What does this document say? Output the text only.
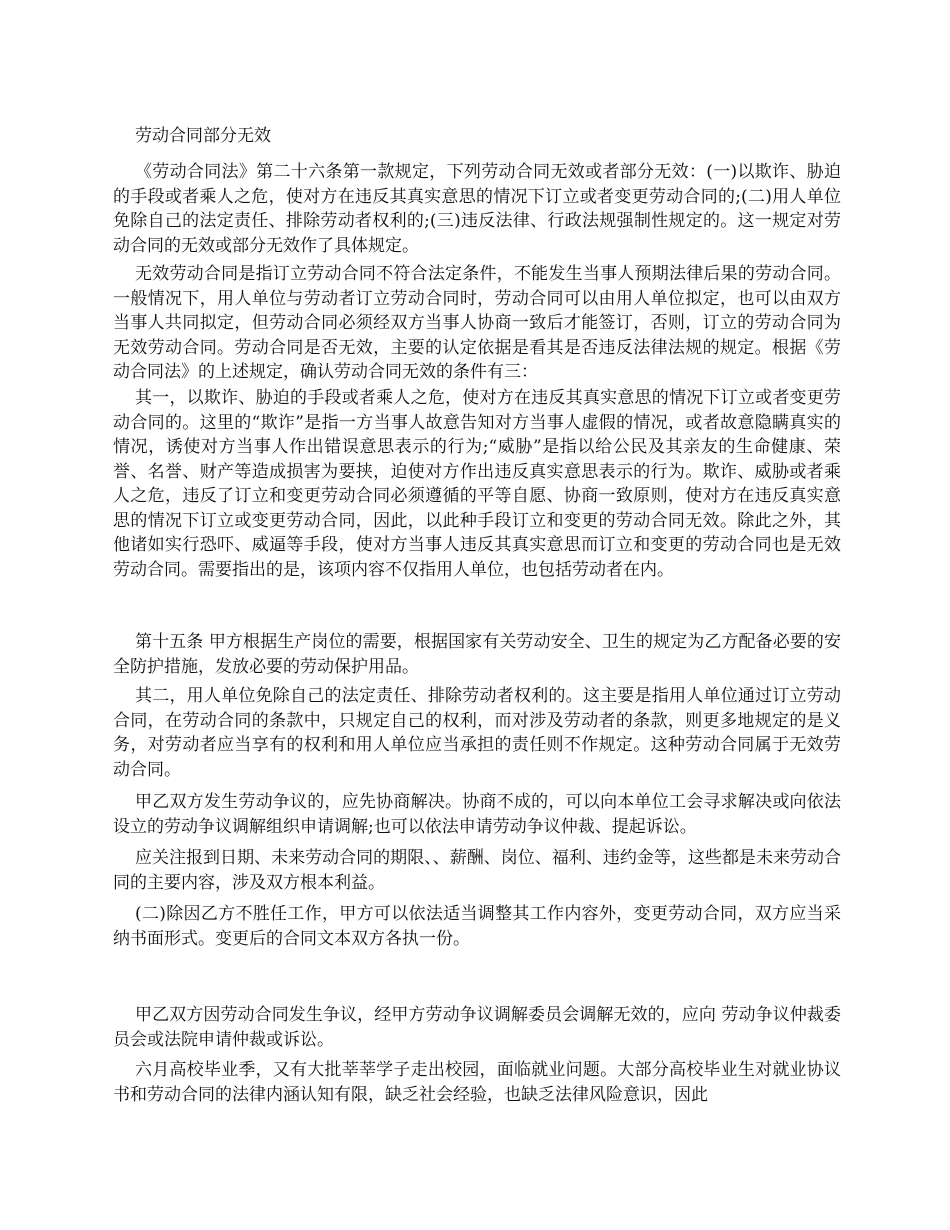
劳动合同部分无效

《劳动合同法》第二十六条第一款规定，下列劳动合同无效或者部分无效：(一)以欺诈、胁迫的手段或者乘人之危，使对方在违反其真实意思的情况下订立或者变更劳动合同的;(二)用人单位免除自己的法定责任、排除劳动者权利的;(三)违反法律、行政法规强制性规定的。这一规定对劳动合同的无效或部分无效作了具体规定。

无效劳动合同是指订立劳动合同不符合法定条件，不能发生当事人预期法律后果的劳动合同。一般情况下，用人单位与劳动者订立劳动合同时，劳动合同可以由用人单位拟定，也可以由双方当事人共同拟定，但劳动合同必须经双方当事人协商一致后才能签订，否则，订立的劳动合同为无效劳动合同。劳动合同是否无效，主要的认定依据是看其是否违反法律法规的规定。根据《劳动合同法》的上述规定，确认劳动合同无效的条件有三：

其一，以欺诈、胁迫的手段或者乘人之危，使对方在违反其真实意思的情况下订立或者变更劳动合同的。这里的“欺诈”是指一方当事人故意告知对方当事人虚假的情况，或者故意隐瞒真实的情况，诱使对方当事人作出错误意思表示的行为;“威胁”是指以给公民及其亲友的生命健康、荣誉、名誉、财产等造成损害为要挟，迫使对方作出违反真实意思表示的行为。欺诈、威胁或者乘人之危，违反了订立和变更劳动合同必须遵循的平等自愿、协商一致原则，使对方在违反真实意思的情况下订立或变更劳动合同，因此，以此种手段订立和变更的劳动合同无效。除此之外，其他诸如实行恐吓、威逼等手段，使对方当事人违反其真实意思而订立和变更的劳动合同也是无效劳动合同。需要指出的是，该项内容不仅指用人单位，也包括劳动者在内。

第十五条 甲方根据生产岗位的需要，根据国家有关劳动安全、卫生的规定为乙方配备必要的安全防护措施，发放必要的劳动保护用品。

其二，用人单位免除自己的法定责任、排除劳动者权利的。这主要是指用人单位通过订立劳动合同，在劳动合同的条款中，只规定自己的权利，而对涉及劳动者的条款，则更多地规定的是义务，对劳动者应当享有的权利和用人单位应当承担的责任则不作规定。这种劳动合同属于无效劳动合同。

甲乙双方发生劳动争议的，应先协商解决。协商不成的，可以向本单位工会寻求解决或向依法设立的劳动争议调解组织申请调解;也可以依法申请劳动争议仲裁、提起诉讼。

应关注报到日期、未来劳动合同的期限、、薪酬、岗位、福利、违约金等，这些都是未来劳动合同的主要内容，涉及双方根本利益。

(二)除因乙方不胜任工作，甲方可以依法适当调整其工作内容外，变更劳动合同，双方应当采纳书面形式。变更后的合同文本双方各执一份。

甲乙双方因劳动合同发生争议，经甲方劳动争议调解委员会调解无效的，应向 劳动争议仲裁委员会或法院申请仲裁或诉讼。

六月高校毕业季，又有大批莘莘学子走出校园，面临就业问题。大部分高校毕业生对就业协议书和劳动合同的法律内涵认知有限，缺乏社会经验，也缺乏法律风险意识，因此
